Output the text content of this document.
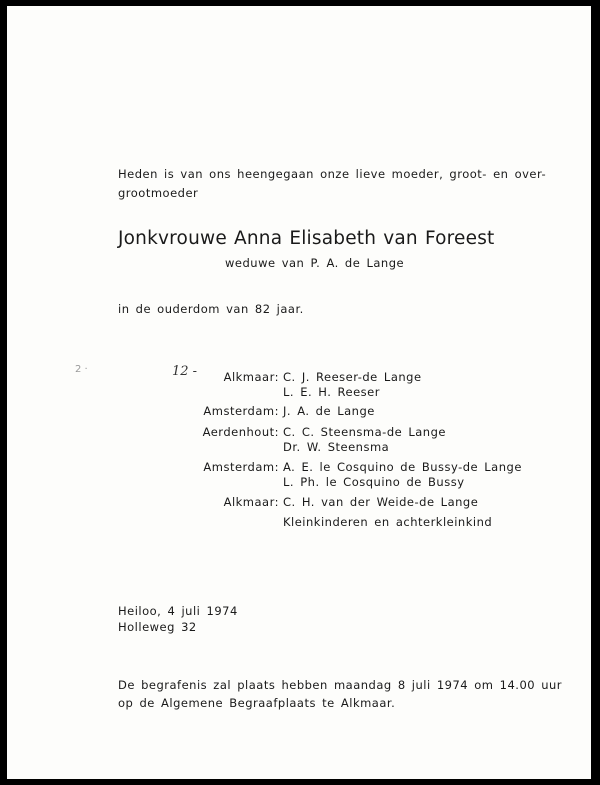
Heden is van ons heengegaan onze lieve moeder, groot- en over-
grootmoeder
Jonkvrouwe Anna Elisabeth van Foreest
weduwe van P. A. de Lange
in de ouderdom van 82 jaar.
2 ·	12 -	Alkmaar: C. J. Reeser-de Lange
L. E. H. Reeser
Amsterdam: J. A. de Lange
Aerdenhout: C. C. Steensma-de Lange
Dr. W. Steensma
Amsterdam: A. E. le Cosquino de Bussy-de Lange
L. Ph. le Cosquino de Bussy
Alkmaar: C. H. van der Weide-de Lange
Kleinkinderen en achterkleinkind
Heiloo, 4 juli 1974
Holleweg 32
De begrafenis zal plaats hebben maandag 8 juli 1974 om 14.00 uur
op de Algemene Begraafplaats te Alkmaar.
